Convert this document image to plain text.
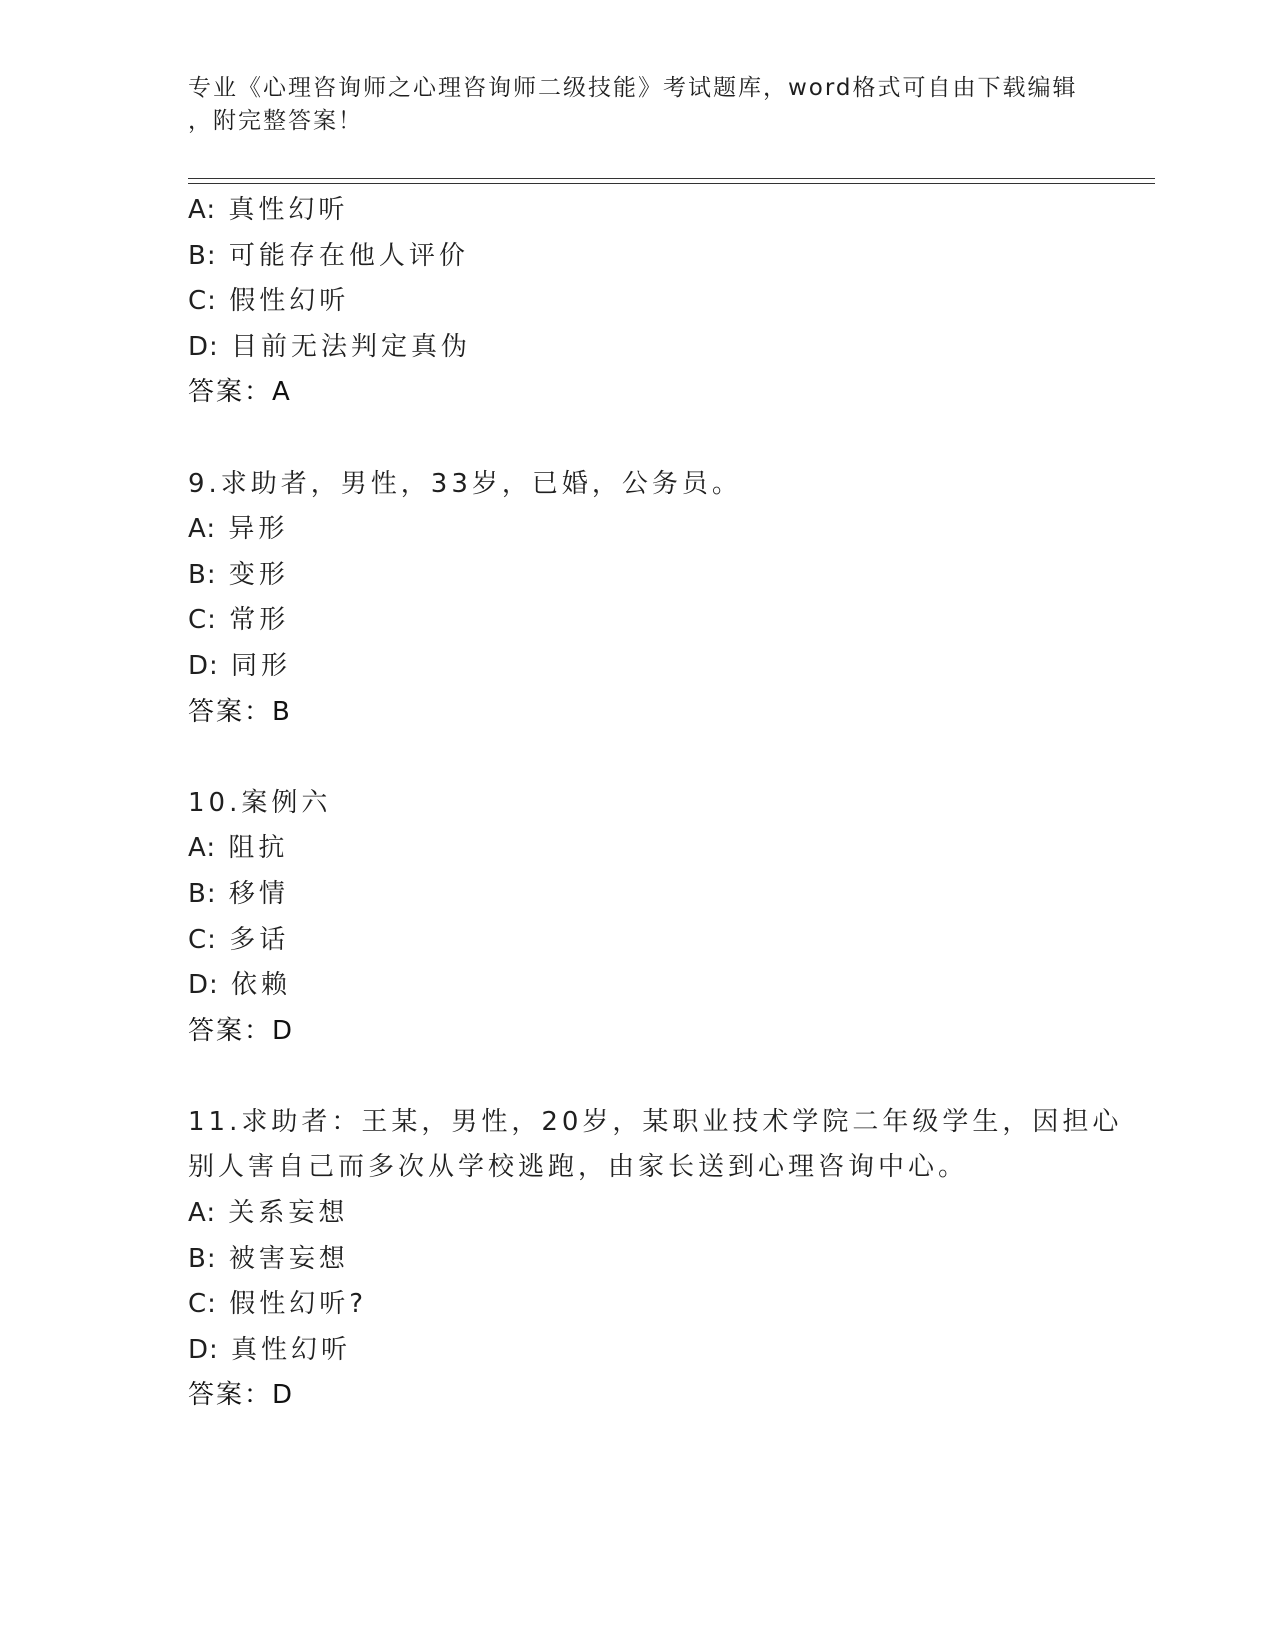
专业《心理咨询师之心理咨询师二级技能》考试题库，word格式可自由下载编辑
，附完整答案！
A: 真性幻听
B: 可能存在他人评价
C: 假性幻听
D: 目前无法判定真伪
答案：A
9.求助者，男性，33岁，已婚，公务员。
A: 异形
B: 变形
C: 常形
D: 同形
答案：B
10.案例六
A: 阻抗
B: 移情
C: 多话
D: 依赖
答案：D
11.求助者：王某，男性，20岁，某职业技术学院二年级学生，因担心
别人害自己而多次从学校逃跑，由家长送到心理咨询中心。
A: 关系妄想
B: 被害妄想
C: 假性幻听?
D: 真性幻听
答案：D
